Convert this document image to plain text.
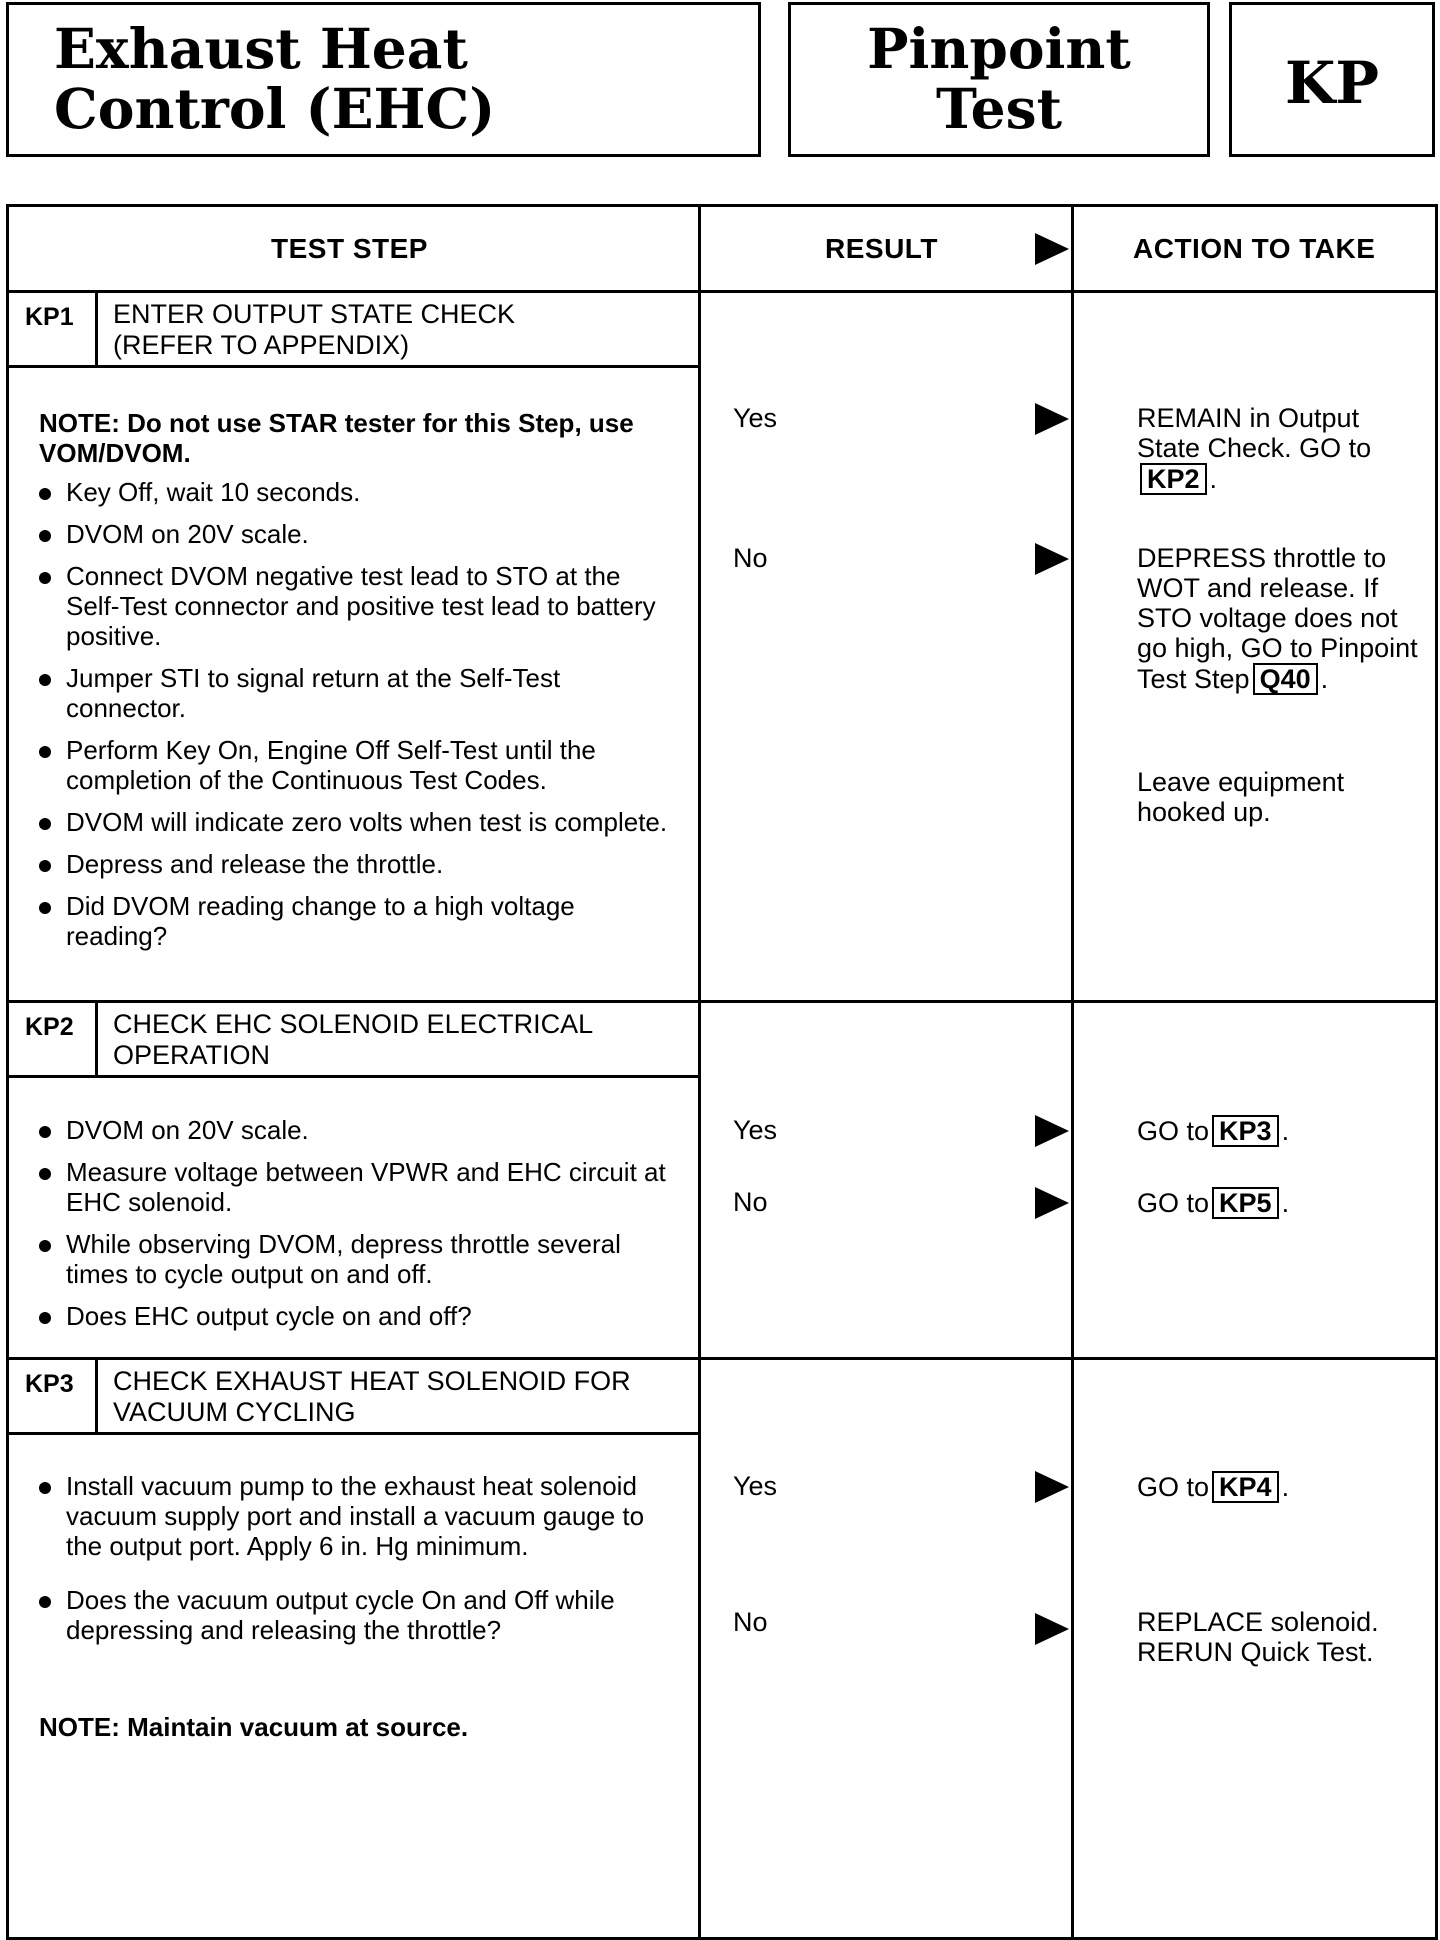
Exhaust Heat Control (EHC)
Pinpoint Test	KP
TEST STEP	RESULT	ACTION TO TAKE
KP1 ENTER OUTPUT STATE CHECK
(REFER TO APPENDIX)
NOTE: Do not use STAR tester for this Step, use VOM/DVOM.
Key Off, wait 10 seconds.
DVOM on 20V scale.
Connect DVOM negative test lead to STO at the Self-Test connector and positive test lead to battery positive.
Jumper STI to signal return at the Self-Test connector.
Perform Key On, Engine Off Self-Test until the completion of the Continuous Test Codes.
DVOM will indicate zero volts when test is complete.
Depress and release the throttle.
Did DVOM reading change to a high voltage reading?
Yes	REMAIN in Output State Check. GO toKP2 .
No	DEPRESS throttle to WOT and release. If STO voltage does not go high, GO to Pinpoint Test Step Q40 .
Leave equipment hooked up.
KP2 CHECK EHC SOLENOID ELECTRICAL
OPERATION
DVOM on 20V scale.
Measure voltage between VPWR and EHC circuit at EHC solenoid.
While observing DVOM, depress throttle several times to cycle output on and off.
Does EHC output cycle on and off?
Yes	GO to KP3 .
No	GO to KP5 .
KP3 CHECK EXHAUST HEAT SOLENOID FOR
VACUUM CYCLING
Install vacuum pump to the exhaust heat solenoid vacuum supply port and install a vacuum gauge to the output port. Apply 6 in. Hg minimum.
Does the vacuum output cycle On and Off while depressing and releasing the throttle?
NOTE: Maintain vacuum at source.
Yes	GO to KP4 .
No	REPLACE solenoid. RERUN Quick Test.
